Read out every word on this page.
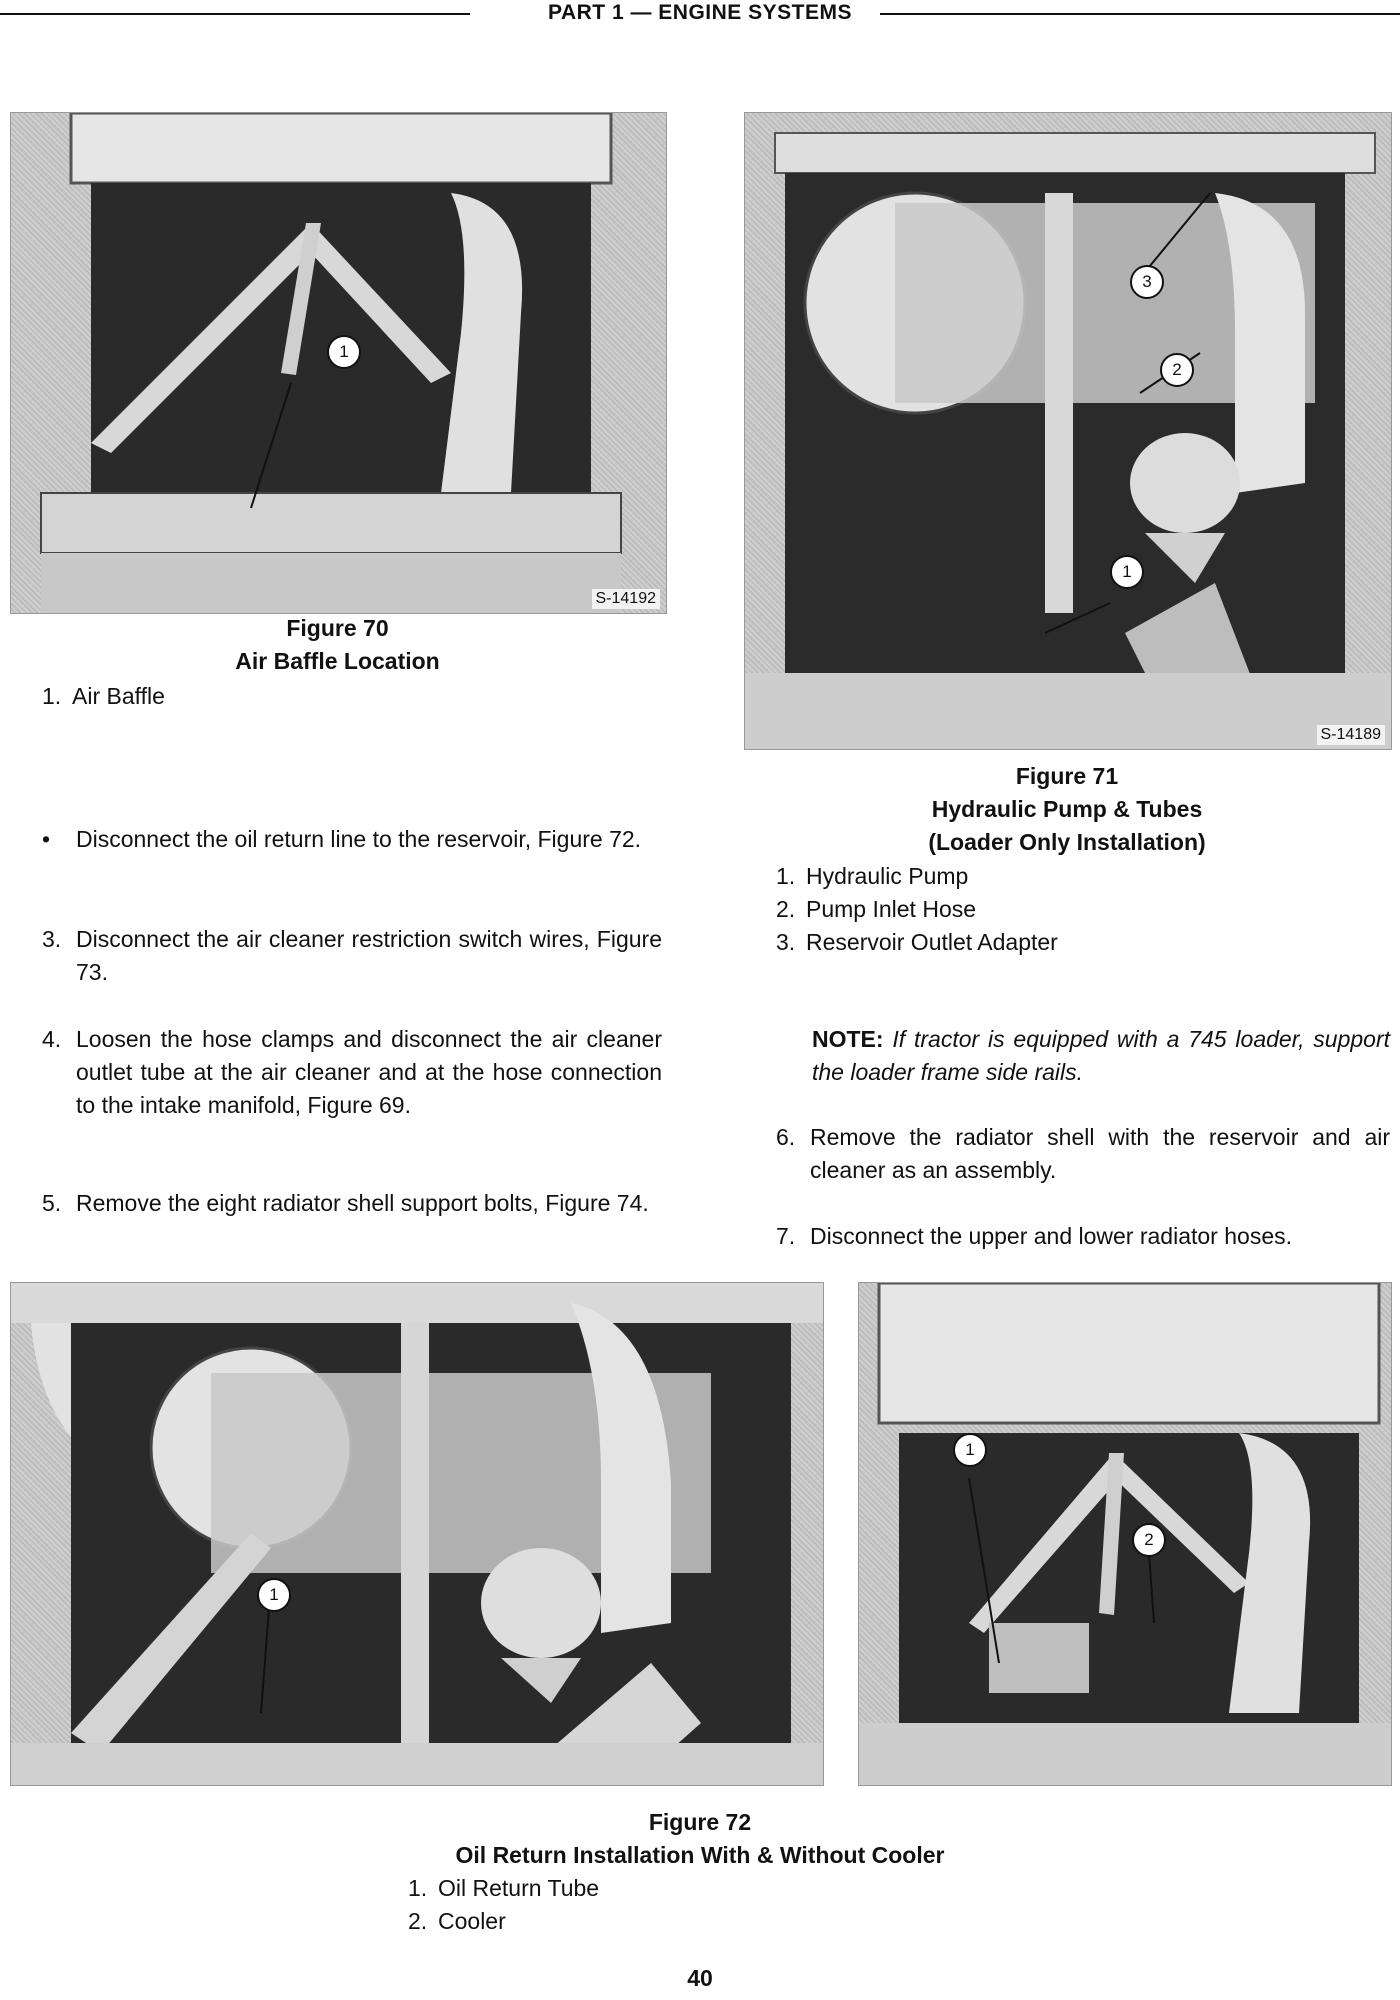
PART 1 — ENGINE SYSTEMS
1
S-14192
Figure 70
Air Baffle Location
1. Air Baffle
1
2
3
S-14189
Figure 71
Hydraulic Pump & Tubes
(Loader Only Installation)
1. Hydraulic Pump
2. Pump Inlet Hose
3. Reservoir Outlet Adapter
•	Disconnect the oil return line to the reservoir, Figure 72.
3. Disconnect the air cleaner restriction switch wires, Figure 73.
4. Loosen the hose clamps and disconnect the air cleaner outlet tube at the air cleaner and at the hose connection to the intake manifold, Figure 69.
5. Remove the eight radiator shell support bolts, Figure 74.
NOTE: If tractor is equipped with a 745 loader, support the loader frame side rails.
6. Remove the radiator shell with the reservoir and air cleaner as an assembly.
7. Disconnect the upper and lower radiator hoses.
1
1
2
Figure 72
Oil Return Installation With & Without Cooler
1. Oil Return Tube
2. Cooler
40
